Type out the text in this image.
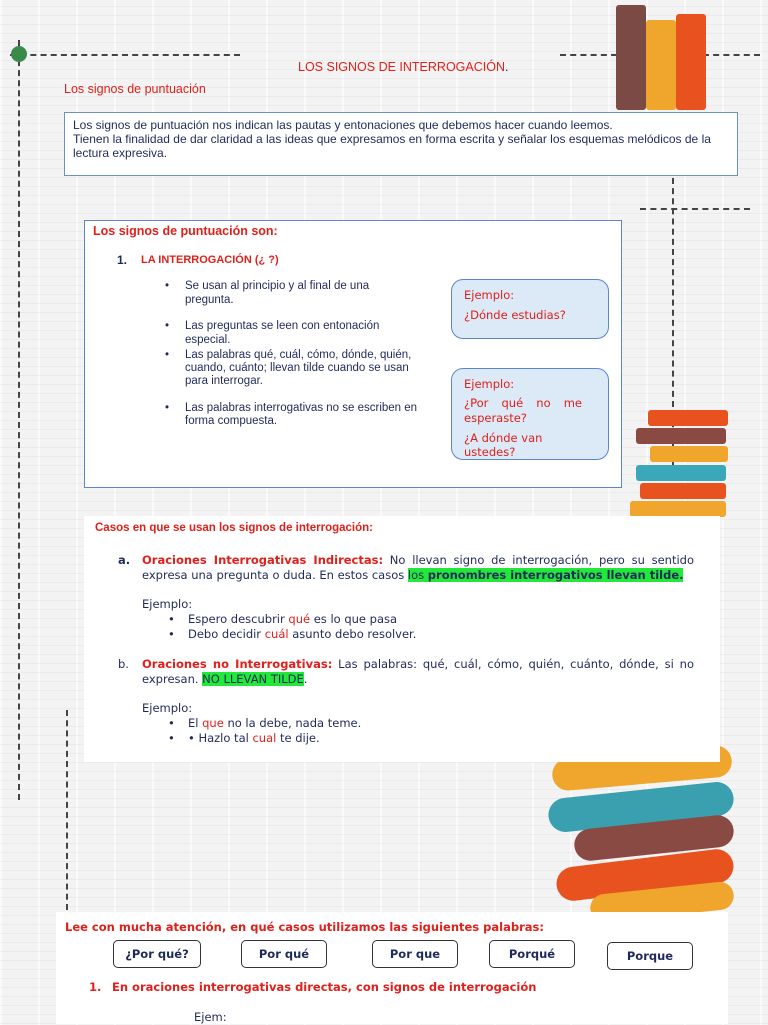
LOS SIGNOS DE INTERROGACIÓN.
Los signos de puntuación
Los signos de puntuación nos indican las pautas y entonaciones que debemos hacer cuando leemos.
Tienen la finalidad de dar claridad a las ideas que expresamos en forma escrita y señalar los esquemas melódicos de la lectura expresiva.
Los signos de puntuación son:
1. LA INTERROGACIÓN (¿ ?)
• Se usan al principio y al final de una pregunta.
• Las preguntas se leen con entonación especial.
• Las palabras qué, cuál, cómo, dónde, quién, cuando, cuánto; llevan tilde cuando se usan para interrogar.
• Las palabras interrogativas no se escriben en forma compuesta.
Ejemplo:
¿Dónde estudias?
Ejemplo:
¿Por qué no me esperaste?
¿A dónde van ustedes?
Casos en que se usan los signos de interrogación:
a. Oraciones Interrogativas Indirectas: No llevan signo de interrogación, pero su sentido expresa una pregunta o duda. En estos casos los pronombres interrogativos llevan tilde.
Ejemplo:
• Espero descubrir qué es lo que pasa
• Debo decidir cuál asunto debo resolver.
b. Oraciones no Interrogativas: Las palabras: qué, cuál, cómo, quién, cuánto, dónde, si no expresan. NO LLEVAN TILDE.
Ejemplo:
• El que no la debe, nada teme.
• • Hazlo tal cual te dije.
Lee con mucha atención, en qué casos utilizamos las siguientes palabras:
¿Por qué?	Por qué	Por que	Porqué	Porque
1. En oraciones interrogativas directas, con signos de interrogación
Ejem:
